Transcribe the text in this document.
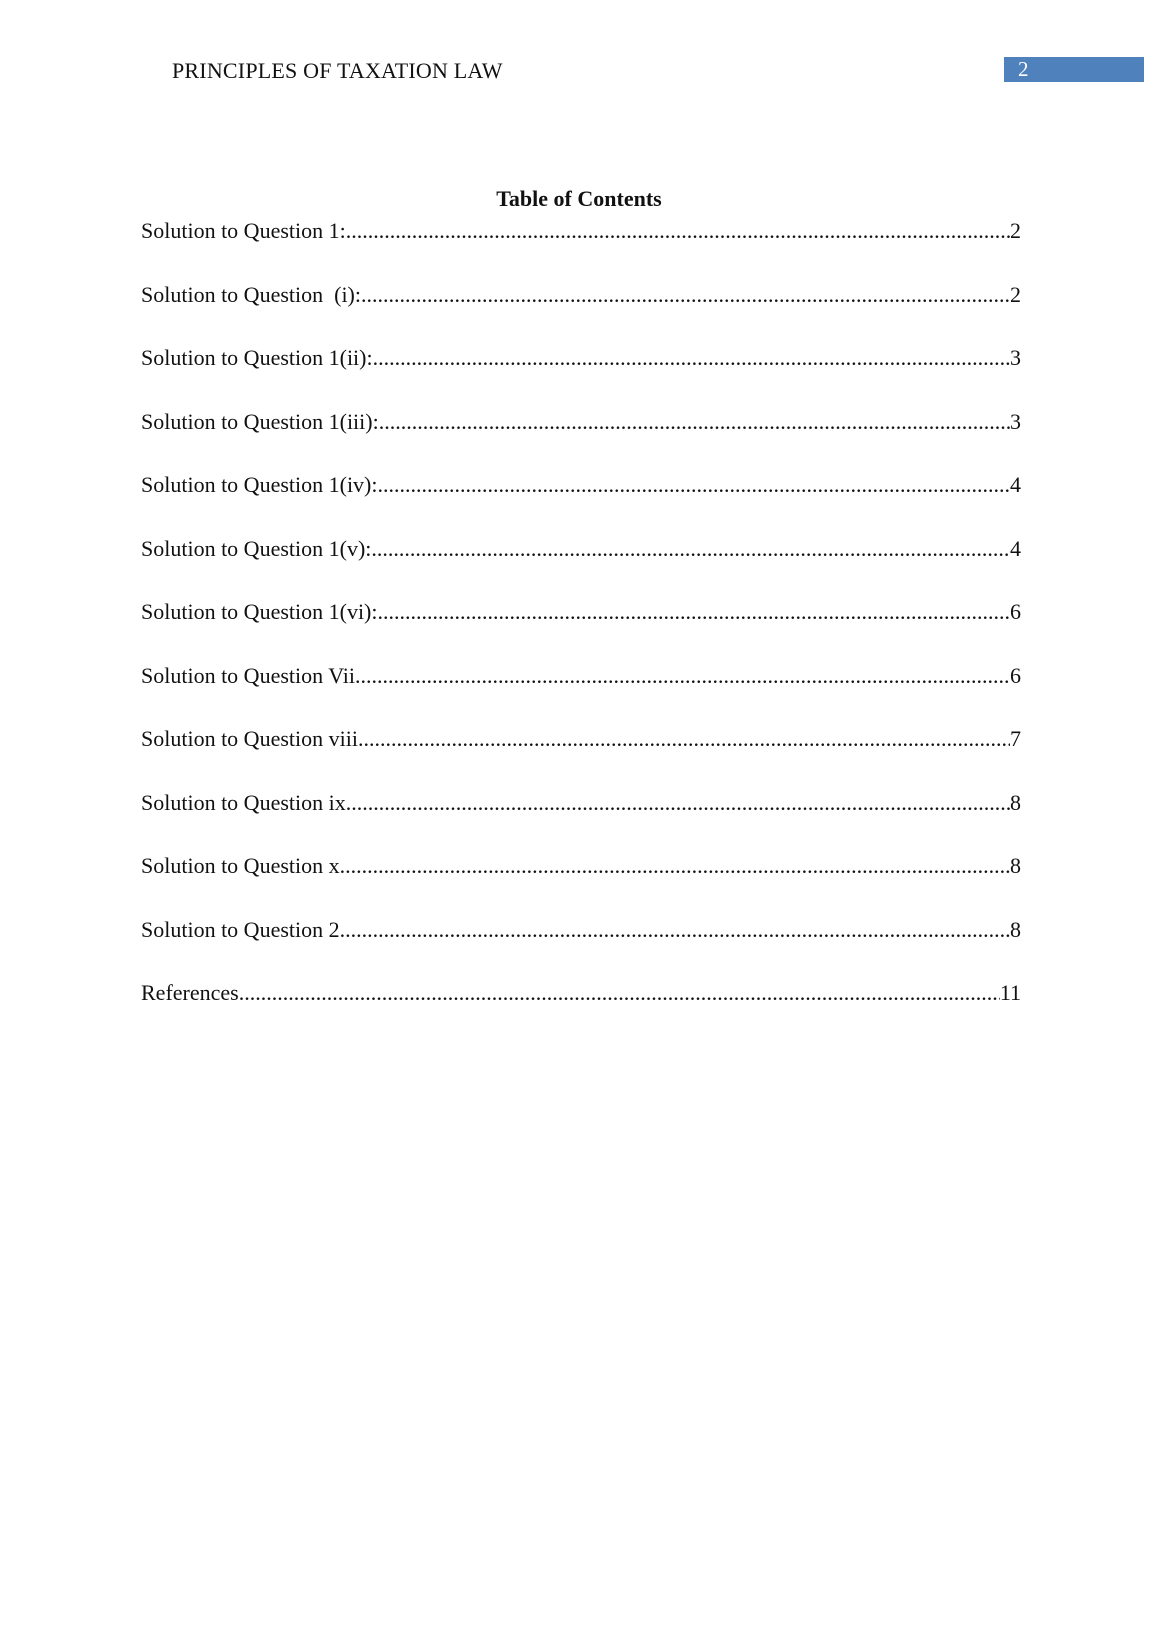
PRINCIPLES OF TAXATION LAW	2
Table of Contents
Solution to Question 1: .....	2
Solution to Question  (i): .....	2
Solution to Question 1(ii): .....	3
Solution to Question 1(iii): .....	3
Solution to Question 1(iv): .....	4
Solution to Question 1(v): .....	4
Solution to Question 1(vi): .....	6
Solution to Question Vii .....	6
Solution to Question viii .....	7
Solution to Question ix .....	8
Solution to Question x .....	8
Solution to Question 2 .....	8
References .....	11
